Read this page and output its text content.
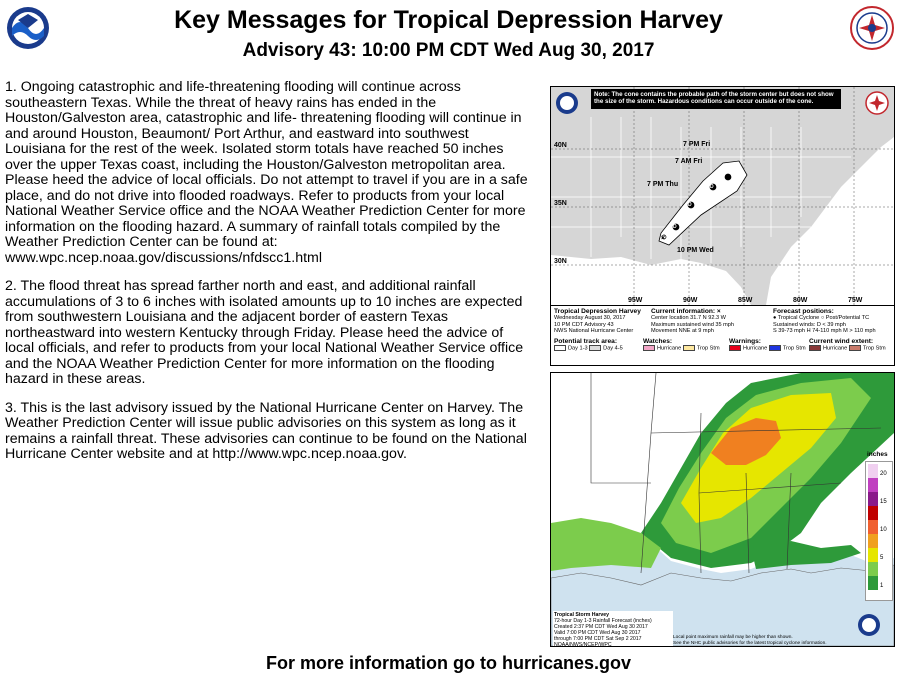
Key Messages for Tropical Depression Harvey
Advisory 43: 10:00 PM CDT Wed Aug 30, 2017

1. Ongoing catastrophic and life-threatening flooding will continue across southeastern Texas. While the threat of heavy rains has ended in the Houston/Galveston area, catastrophic and life- threatening flooding will continue in and around Houston, Beaumont/ Port Arthur, and eastward into southwest Louisiana for the rest of the week. Isolated storm totals have reached 50 inches over the upper Texas coast, including the Houston/Galveston metropolitan area. Please heed the advice of local officials. Do not attempt to travel if you are in a safe place, and do not drive into flooded roadways. Refer to products from your local National Weather Service office and the NOAA Weather Prediction Center for more information on the flooding hazard. A summary of rainfall totals compiled by the Weather Prediction Center can be found at: www.wpc.ncep.noaa.gov/discussions/nfdscc1.html

2. The flood threat has spread farther north and east, and additional rainfall accumulations of 3 to 6 inches with isolated amounts up to 10 inches are expected from southwestern Louisiana and the adjacent border of eastern Texas northeastward into western Kentucky through Friday. Please heed the advice of local officials, and refer to products from your local National Weather Service office and the NOAA Weather Prediction Center for more information on the flooding hazard in these areas.

3. This is the last advisory issued by the National Hurricane Center on Harvey. The Weather Prediction Center will issue public advisories on this system as long as it remains a rainfall threat. These advisories can continue to be found on the National Hurricane Center website and at http://www.wpc.ncep.noaa.gov.

×
Note: The cone contains the probable path of the storm center but does not show the size of the storm. Hazardous conditions can occur outside of the cone.
40N
35N
30N
95W	90W	85W	80W	75W
7 PM Fri
7 AM Fri
7 PM Thu
10 PM Wed
D
D
D
Tropical Depression Harvey
Wednesday August 30, 2017
10 PM CDT Advisory 43
NWS National Hurricane Center
Current information: ×
Center location 31.7 N 92.3 W
Maximum sustained wind 35 mph
Movement NNE at 9 mph
Forecast positions:
● Tropical Cyclone ○ Post/Potential TC
Sustained winds: D < 39 mph
S 39-73 mph H 74-110 mph M > 110 mph
Potential track area:
Day 1-3	Day 4-5
Watches:
Hurricane	Trop Stm
Warnings:
Hurricane	Trop Stm
Current wind extent:
Hurricane	Trop Stm
inches
20
15
10
5
1
Tropical Storm Harvey
72-hour Day 1-3 Rainfall Forecast (inches)
Created 2:37 PM CDT Wed Aug 30 2017
Valid 7:00 PM CDT Wed Aug 30 2017
through 7:00 PM CDT Sat Sep 2 2017
NOAA/NWS/NCEP/WPC
Local point maximum rainfall may be higher than shown.
See the NHC public advisories for the latest tropical cyclone information.
For more information go to hurricanes.gov
